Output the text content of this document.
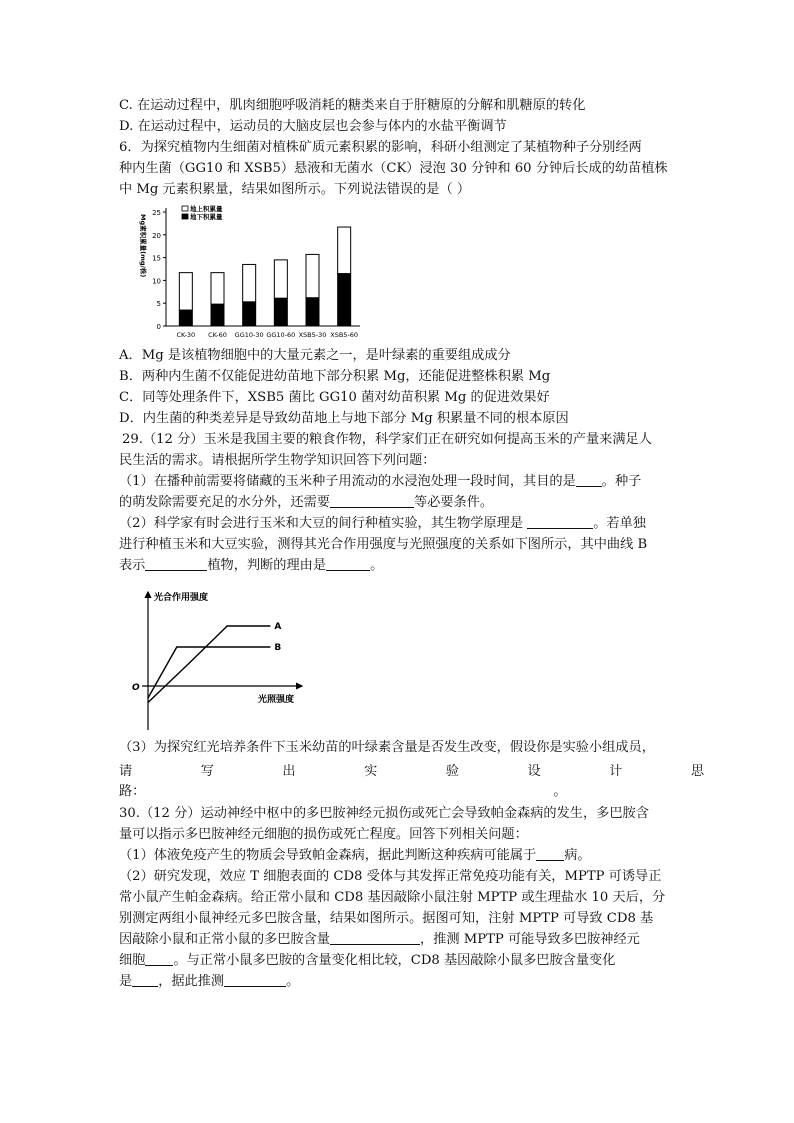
C. 在运动过程中，肌肉细胞呼吸消耗的糖类来自于肝糖原的分解和肌糖原的转化
D. 在运动过程中，运动员的大脑皮层也会参与体内的水盐平衡调节
6．为探究植物内生细菌对植株矿质元素积累的影响，科研小组测定了某植物种子分别经两
种内生菌（GG10 和 XSB5）悬液和无菌水（CK）浸泡 30 分钟和 60 分钟后长成的幼苗植株
中 Mg 元素积累量，结果如图所示。下列说法错误的是（ ）
0
5
10
15
20
25
Mg素积累量(mg/株)
CK-30 CK-60 GG10-30 GG10-60 XSB5-30 XSB5-60
地上积累量
地下积累量
A．Mg 是该植物细胞中的大量元素之一，是叶绿素的重要组成成分
B．两种内生菌不仅能促进幼苗地下部分积累 Mg，还能促进整株积累 Mg
C．同等处理条件下，XSB5 菌比 GG10 菌对幼苗积累 Mg 的促进效果好
D．内生菌的种类差异是导致幼苗地上与地下部分 Mg 积累量不同的根本原因
29.（12 分）玉米是我国主要的粮食作物，科学家们正在研究如何提高玉米的产量来满足人
民生活的需求。请根据所学生物学知识回答下列问题：
（1）在播种前需要将储藏的玉米种子用流动的水浸泡处理一段时间，其目的是 。种子
的萌发除需要充足的水分外，还需要	等必要条件。
（2）科学家有时会进行玉米和大豆的间行种植实验，其生物学原理是	。若单独
进行种植玉米和大豆实验，测得其光合作用强度与光照强度的关系如下图所示，其中曲线 B
表示	植物，判断的理由是	。
光合作用强度
光照强度
O
A
B
（3）为探究红光培养条件下玉米幼苗的叶绿素含量是否发生改变，假设你是实验小组成员，
请	写	出	实	验	设	计	思
路：	。
30.（12 分）运动神经中枢中的多巴胺神经元损伤或死亡会导致帕金森病的发生，多巴胺含
量可以指示多巴胺神经元细胞的损伤或死亡程度。回答下列相关问题：
（1）体液免疫产生的物质会导致帕金森病，据此判断这种疾病可能属于 病。
（2）研究发现，效应 T 细胞表面的 CD8 受体与其发挥正常免疫功能有关，MPTP 可诱导正
常小鼠产生帕金森病。给正常小鼠和 CD8 基因敲除小鼠注射 MPTP 或生理盐水 10 天后，分
别测定两组小鼠神经元多巴胺含量，结果如图所示。据图可知，注射 MPTP 可导致 CD8 基
因敲除小鼠和正常小鼠的多巴胺含量	，推测 MPTP 可能导致多巴胺神经元
细胞 。与正常小鼠多巴胺的含量变化相比较，CD8 基因敲除小鼠多巴胺含量变化
是 ，据此推测	。
